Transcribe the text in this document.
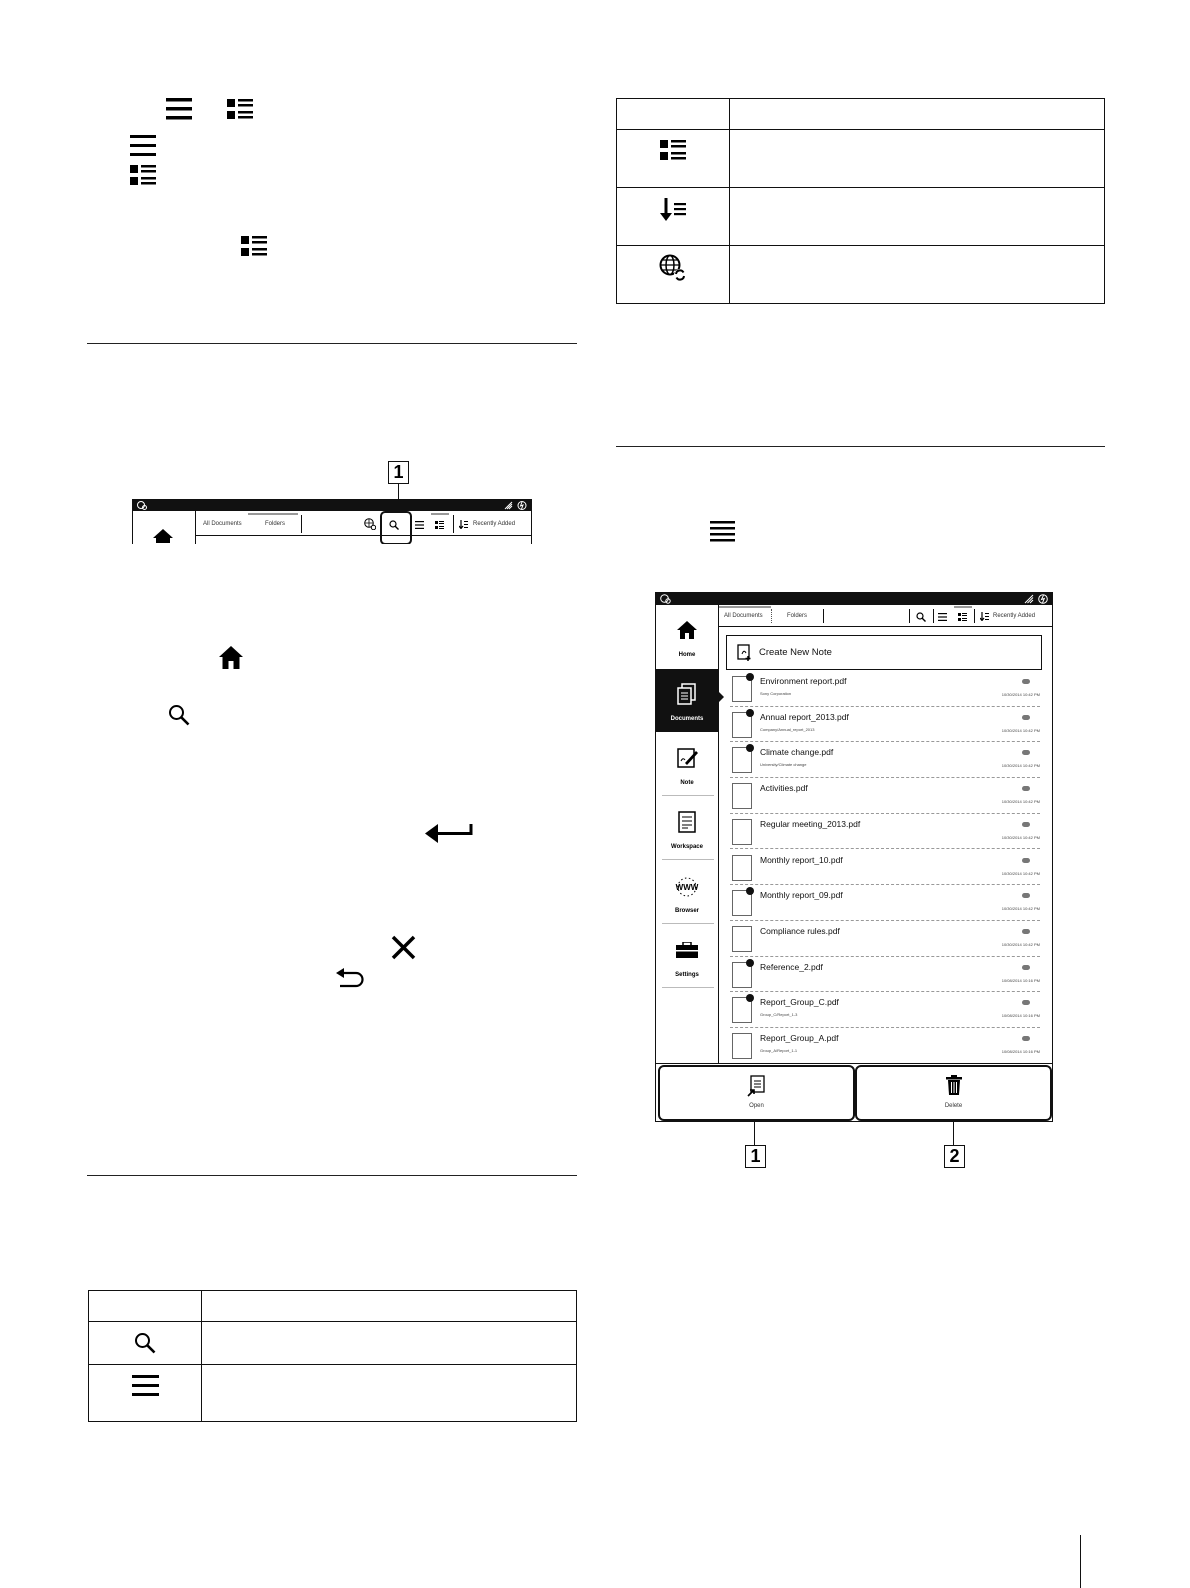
1
All Documents	Folders	Recently Added

Home
Documents
Note
Workspace
WWW
Browser
Settings
All Documents	Folders	Recently Added
Create New Note
Environment report.pdf
Sony Corporation	10/30/2014 10:42 PM
Annual report_2013.pdf
Company/Annual_report_2013	10/30/2014 10:42 PM
Climate change.pdf
University/Climate change	10/30/2014 10:42 PM
Activities.pdf
10/30/2014 10:42 PM
Regular meeting_2013.pdf
10/30/2014 10:42 PM
Monthly report_10.pdf
10/30/2014 10:42 PM
Monthly report_09.pdf
10/30/2014 10:42 PM
Compliance rules.pdf
10/30/2014 10:42 PM
Reference_2.pdf
10/08/2014 10:16 PM
Report_Group_C.pdf
Group_C/Report_1-3	10/08/2014 10:16 PM
Report_Group_A.pdf
Group_A/Report_1-1	10/08/2014 10:16 PM
Open	Delete
1	2
